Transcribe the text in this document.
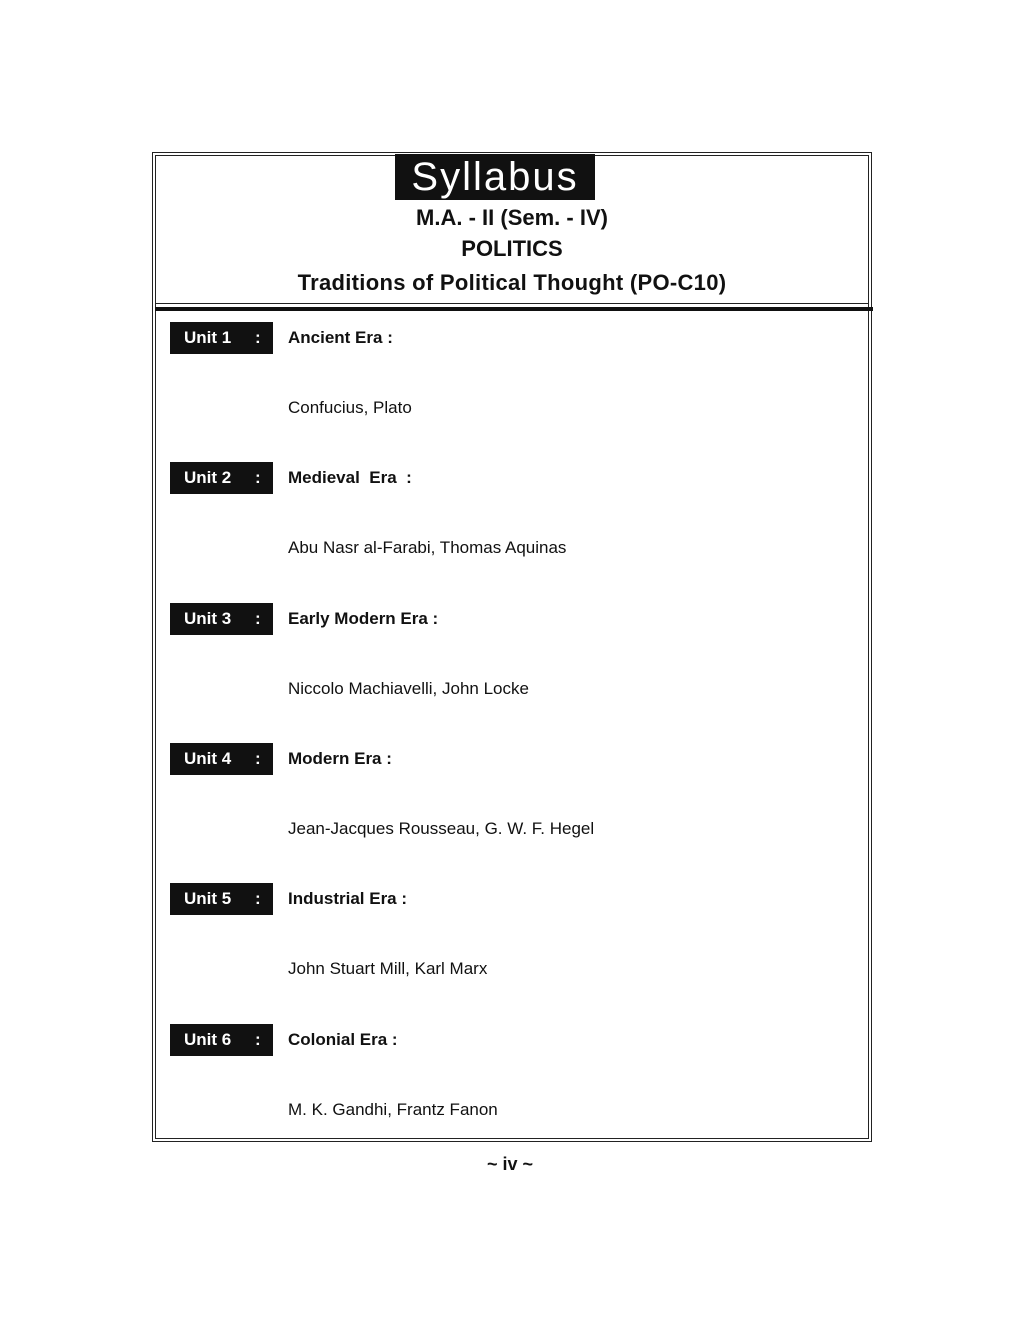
Syllabus
M.A. - II (Sem. - IV)
POLITICS
Traditions of Political Thought (PO-C10)
Unit 1 : Ancient Era :
Confucius, Plato
Unit 2 : Medieval  Era  :
Abu Nasr al-Farabi, Thomas Aquinas
Unit 3 : Early Modern Era :
Niccolo Machiavelli, John Locke
Unit 4 : Modern Era :
Jean-Jacques Rousseau, G. W. F. Hegel
Unit 5 : Industrial Era :
John Stuart Mill, Karl Marx
Unit 6 : Colonial Era :
M. K. Gandhi, Frantz Fanon
~ iv ~
